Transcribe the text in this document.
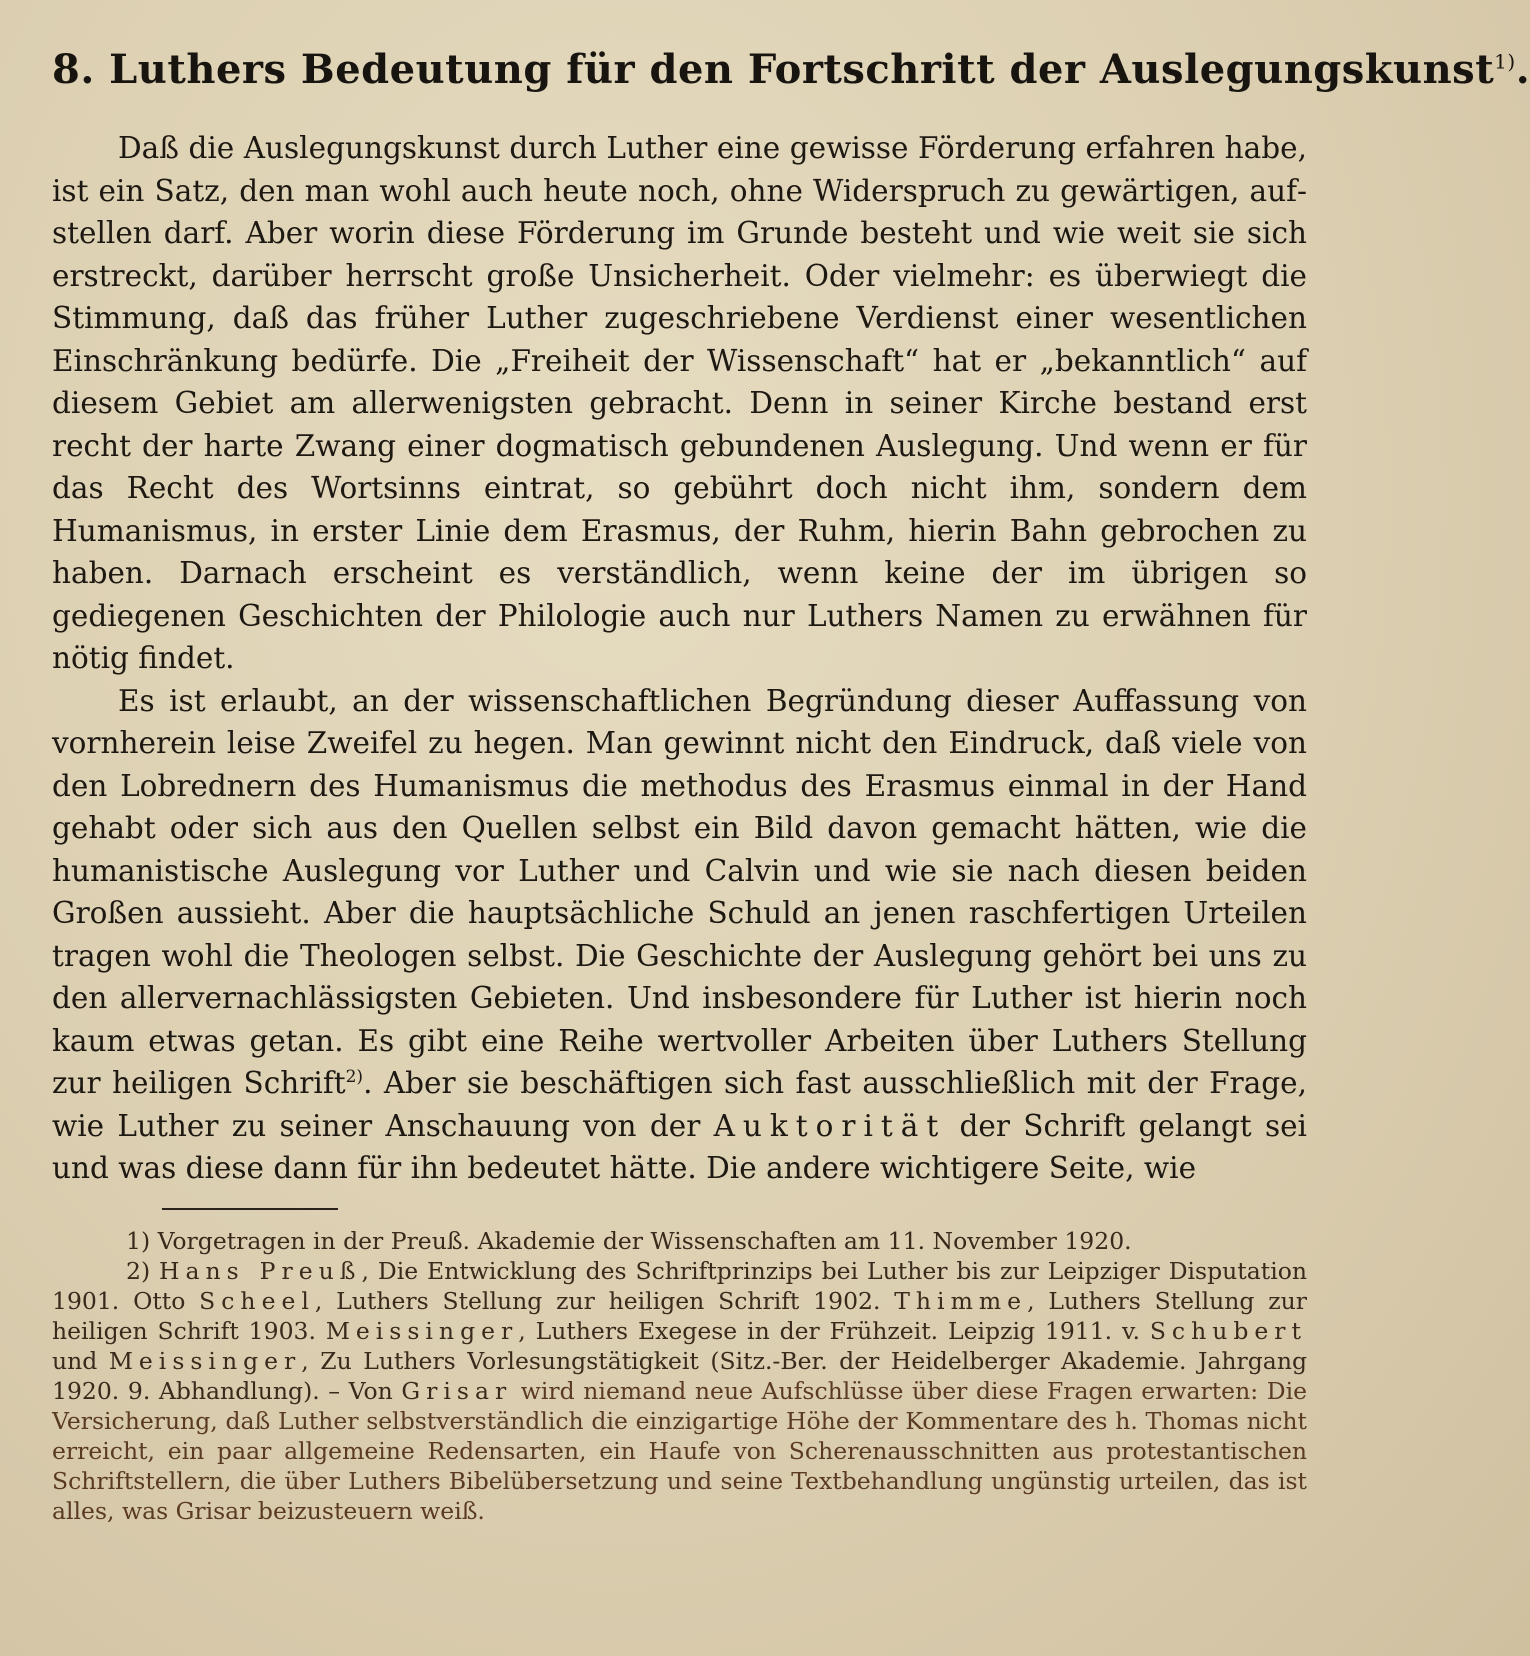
8. Luthers Bedeutung für den Fortschritt der Auslegungskunst$^{1)}$.

Daß die Auslegungskunst durch Luther eine gewisse Förderung erfahren habe, ist ein Satz, den man wohl auch heute noch, ohne Widerspruch zu gewärtigen, aufstellen darf. Aber worin diese Förderung im Grunde besteht und wie weit sie sich erstreckt, darüber herrscht große Unsicherheit. Oder vielmehr: es überwiegt die Stimmung, daß das früher Luther zugeschriebene Verdienst einer wesentlichen Einschränkung bedürfe. Die „Freiheit der Wissenschaft“ hat er „bekanntlich“ auf diesem Gebiet am allerwenigsten gebracht. Denn in seiner Kirche bestand erst recht der harte Zwang einer dogmatisch gebundenen Auslegung. Und wenn er für das Recht des Wortsinns eintrat, so gebührt doch nicht ihm, sondern dem Humanismus, in erster Linie dem Erasmus, der Ruhm, hierin Bahn gebrochen zu haben. Darnach erscheint es verständlich, wenn keine der im übrigen so gediegenen Geschichten der Philologie auch nur Luthers Namen zu erwähnen für nötig findet.

Es ist erlaubt, an der wissenschaftlichen Begründung dieser Auffassung von vornherein leise Zweifel zu hegen. Man gewinnt nicht den Eindruck, daß viele von den Lobrednern des Humanismus die methodus des Erasmus einmal in der Hand gehabt oder sich aus den Quellen selbst ein Bild davon gemacht hätten, wie die humanistische Auslegung vor Luther und Calvin und wie sie nach diesen beiden Großen aussieht. Aber die hauptsächliche Schuld an jenen raschfertigen Urteilen tragen wohl die Theologen selbst. Die Geschichte der Auslegung gehört bei uns zu den allervernachlässigsten Gebieten. Und insbesondere für Luther ist hierin noch kaum etwas getan. Es gibt eine Reihe wertvoller Arbeiten über Luthers Stellung zur heiligen Schrift$^{2)}$. Aber sie beschäftigen sich fast ausschließlich mit der Frage, wie Luther zu seiner Anschauung von der Auktorität der Schrift gelangt sei und was diese dann für ihn bedeutet hätte. Die andere wichtigere Seite, wie

1) Vorgetragen in der Preuß. Akademie der Wissenschaften am 11. November 1920.

2) Hans Preuß, Die Entwicklung des Schriftprinzips bei Luther bis zur Leipziger Disputation 1901. Otto Scheel, Luthers Stellung zur heiligen Schrift 1902. Thimme, Luthers Stellung zur heiligen Schrift 1903. Meissinger, Luthers Exegese in der Frühzeit. Leipzig 1911. v. Schubert und Meissinger, Zu Luthers Vorlesungstätigkeit (Sitz.-Ber. der Heidelberger Akademie. Jahrgang 1920. 9. Abhandlung). – Von Grisar wird niemand neue Aufschlüsse über diese Fragen erwarten: Die Versicherung, daß Luther selbstverständlich die einzigartige Höhe der Kommentare des h. Thomas nicht erreicht, ein paar allgemeine Redensarten, ein Haufe von Scherenausschnitten aus protestantischen Schriftstellern, die über Luthers Bibelübersetzung und seine Textbehandlung ungünstig urteilen, das ist alles, was Grisar beizusteuern weiß.
